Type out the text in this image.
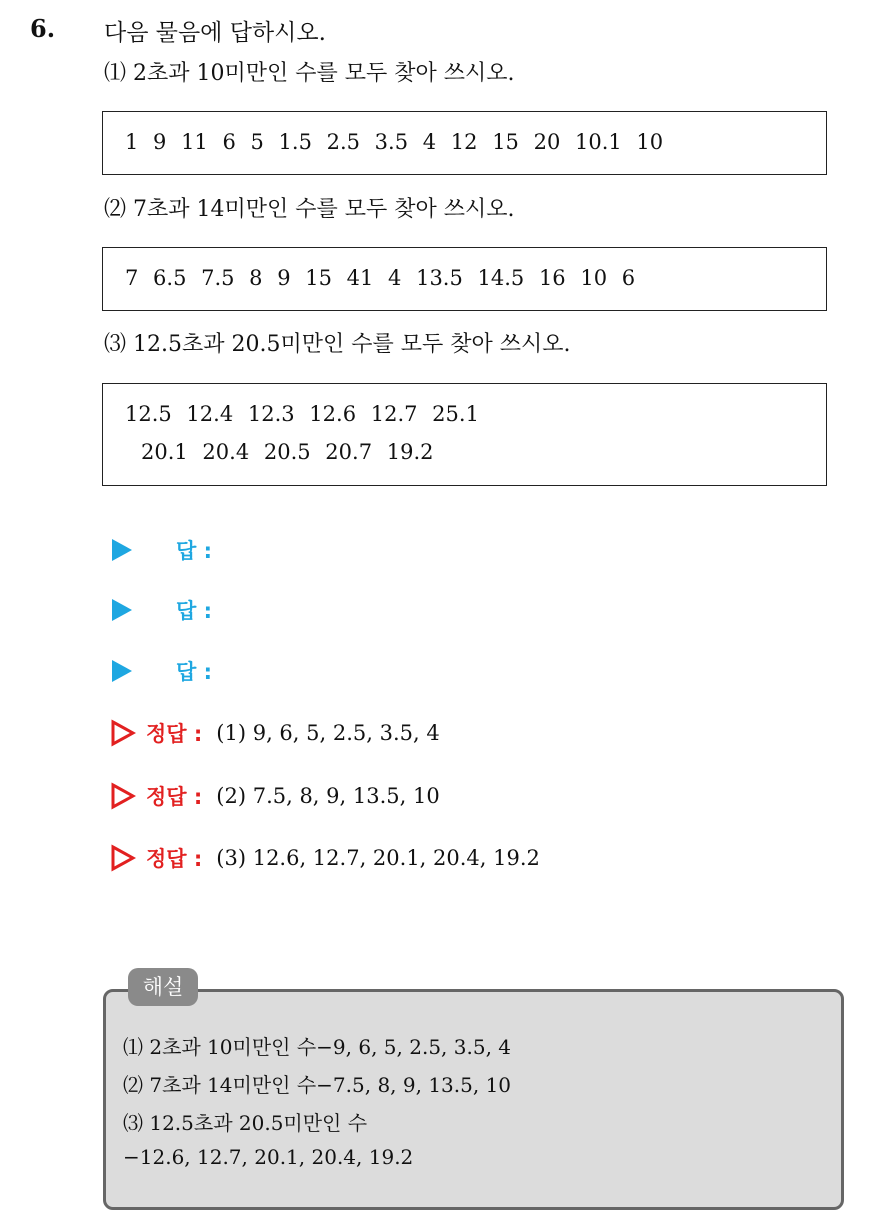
6. 다음 물음에 답하시오.
⑴ 2초과 10미만인 수를 모두 찾아 쓰시오.
1 9 11 6 5 1.5 2.5 3.5 4 12 15 20 10.1 10
⑵ 7초과 14미만인 수를 모두 찾아 쓰시오.
7 6.5 7.5 8 9 15 41 4 13.5 14.5 16 10 6
⑶ 12.5초과 20.5미만인 수를 모두 찾아 쓰시오.
12.5 12.4 12.3 12.6 12.7 25.1
20.1 20.4 20.5 20.7 19.2
답 :
답 :
답 :
정답 : (1) 9, 6, 5, 2.5, 3.5, 4
정답 : (2) 7.5, 8, 9, 13.5, 10
정답 : (3) 12.6, 12.7, 20.1, 20.4, 19.2
해설
⑴ 2초과 10미만인 수−9, 6, 5, 2.5, 3.5, 4
⑵ 7초과 14미만인 수−7.5, 8, 9, 13.5, 10
⑶ 12.5초과 20.5미만인 수
−12.6, 12.7, 20.1, 20.4, 19.2
